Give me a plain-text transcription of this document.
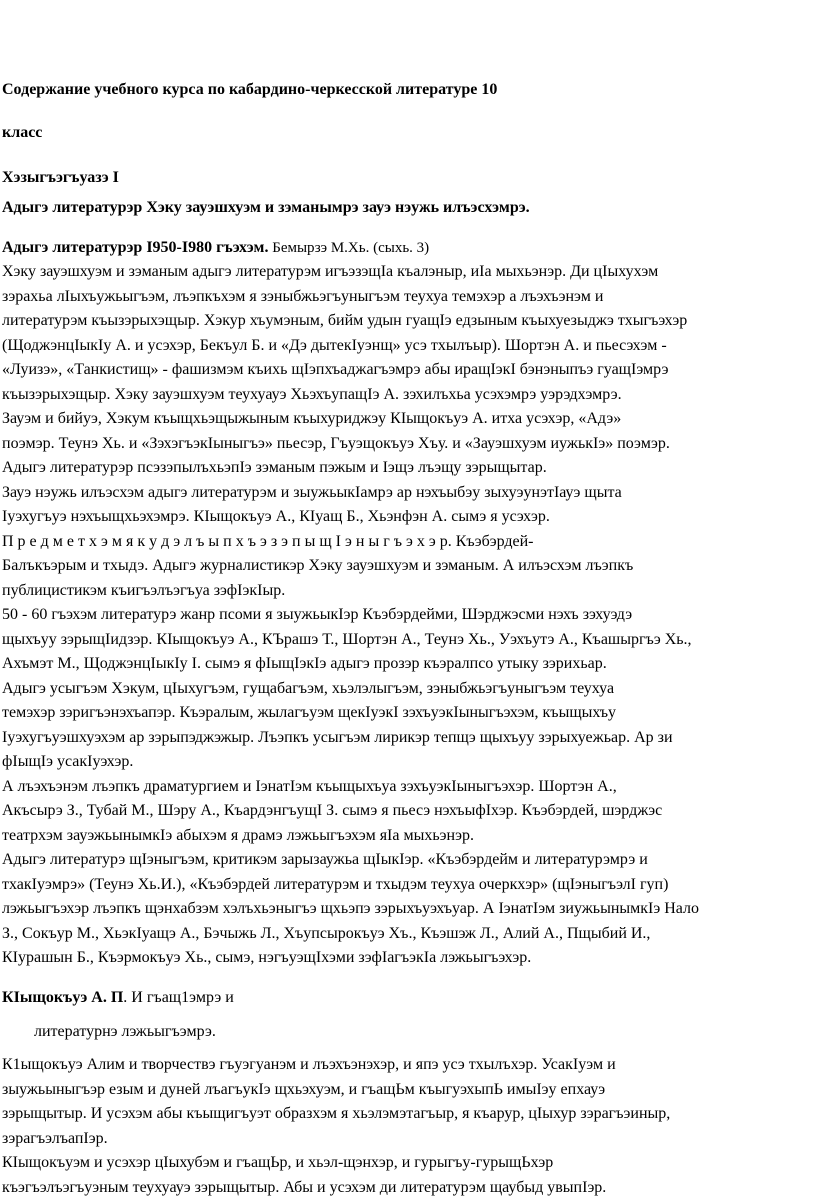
Содержание учебного курса по кабардино-черкесской литературе 10
класс
Хэзыгъэгъуазэ I
Адыгэ литературэр Хэку зауэшхуэм и зэманымрэ зауэ нэужь илъэсхэмрэ.
Адыгэ литературэр I950-I980 гъэхэм. Бемырзэ М.Хь. (сыхь. 3)
Хэку зауэшхуэм и зэманым адыгэ литературэм игъэзэщIа къалэныр, иIа мыхьэнэр. Ди цIыхухэм
зэрахьа лIыхъужьыгъэм, лъэпкъхэм я зэныбжьэгъуныгъэм теухуа темэхэр а лъэхъэнэм и
литературэм къызэрыхэщыр. Хэкур хъумэным, бийм удын гуащIэ едзыным къыхуезыджэ тхыгъэхэр
(ЩоджэнцIыкIу А. и усэхэр, Бекъул Б. и «Дэ дытекIуэнщ» усэ тхылъыр). Шортэн А. и пьесэхэм -
«Луизэ», «Танкистищ» - фашизмэм къихь щIэпхъаджагъэмрэ абы иращIэкI бэнэныпъэ гуащIэмрэ
къызэрыхэщыр. Хэку зауэшхуэм теухуауэ ХьэхъупащIэ А. зэхилъхьа усэхэмрэ уэрэдхэмрэ.
Зауэм и бийуэ, Хэкум къыщхьэщыжыным къыхуриджэу КIыщокъуэ А. итха усэхэр, «Адэ»
поэмэр. Теунэ Хь. и «ЗэхэгъэкIыныгъэ» пьесэр, Гъуэщокъуэ Хъу. и «Зауэшхуэм иужькIэ» поэмэр.
Адыгэ литературэр псэзэпылъхьэпIэ зэманым пэжым и Iэщэ лъэщу зэрыщытар.
Зауэ нэужь илъэсхэм адыгэ литературэм и зыужьыкIамрэ ар нэхъыбэу зыхуэунэтIауэ щыта
Iуэхугъуэ нэхъыщхьэхэмрэ. КIыщокъуэ А., КIуащ Б., Хьэнфэн А. сымэ я усэхэр.
П р е д м е т х э м я к у д э л ъ ы п х ъ э з э п ы щ I э н ы г ъ э х э р. Къэбэрдей-
Балъкъэрым и тхыдэ. Адыгэ журналистикэр Хэку зауэшхуэм и зэманым. А илъэсхэм лъэпкъ
публицистикэм къигъэлъэгъуа зэфIэкIыр.
50 - 60 гъэхэм литературэ жанр псоми я зыужьыкIэр Къэбэрдейми, Шэрджэсми нэхъ зэхуэдэ
щыхъуу зэрыщIидзэр. КIыщокъуэ А., КЪрашэ Т., Шортэн А., Теунэ Хь., Уэхъутэ А., Къашыргъэ Хь.,
Ахъмэт М., ЩоджэнцIыкIу I. сымэ я фIыщIэкIэ адыгэ прозэр къэралпсо утыку зэрихьар.
Адыгэ усыгъэм Хэкум, цIыхугъэм, гущабагъэм, хьэлэлыгъэм, зэныбжьэгъуныгъэм теухуа
темэхэр зэригъэнэхъапэр. Къэралым, жылагъуэм щекIуэкI зэхъуэкIыныгъэхэм, къыщыхъу
Iуэхугъуэшхуэхэм ар зэрыпэджэжыр. Лъэпкъ усыгъэм лирикэр тепщэ щыхъуу зэрыхуежьар. Ар зи
фIыщIэ усакIуэхэр.
А лъэхъэнэм лъэпкъ драматургием и IэнатIэм къыщыхъуа зэхъуэкIыныгъэхэр. Шортэн А.,
Акъсырэ З., Тубай М., Шэру А., КъардэнгъущI З. сымэ я пьесэ нэхъыфIхэр. Къэбэрдей, шэрджэс
театрхэм зауэжьынымкIэ абыхэм я драмэ лэжьыгъэхэм яIа мыхьэнэр.
Адыгэ литературэ щIэныгъэм, критикэм зарызаужьа щIыкIэр. «Къэбэрдейм и литературэмрэ и
тхакIуэмрэ» (Теунэ Хь.И.), «Къэбэрдей литературэм и тхыдэм теухуа очеркхэр» (щIэныгъэлI гуп)
лэжьыгъэхэр лъэпкъ щэнхабзэм хэлъхьэныгъэ щхьэпэ зэрыхъуэхъуар. А IэнатIэм зиужьынымкIэ Нало
З., Сокъур М., ХьэкIуащэ А., Бэчыжь Л., Хъупсырокъуэ Хъ., Къэшэж Л., Алий А., Пщыбий И.,
КIурашын Б., Къэрмокъуэ Хь., сымэ, нэгъуэщIхэми зэфIагъэкIа лэжьыгъэхэр.
КIыщокъуэ А. П. И гъащ1эмрэ и
литературнэ лэжьыгъэмрэ.
К1ыщокъуэ Алим и творчествэ гъуэгуанэм и лъэхъэнэхэр, и япэ усэ тхылъхэр. УсакIуэм и
зыужьыныгъэр езым и дуней лъагъукIэ щхьэхуэм, и гъащЬм къыгуэхыпЬ имыIэу епхауэ
зэрыщытыр. И усэхэм абы къыщигъуэт образхэм я хьэлэмэтагъыр, я къарур, цIыхур зэрагъэиныр,
зэрагъэлъапIэр.
КIыщокъуэм и усэхэр цIыхубэм и гъащЬр, и хьэл-щэнхэр, и гурыгъу-гурыщЬхэр
къэгъэлъэгъуэным теухуауэ зэрыщытыр. Абы и усэхэм ди литературэм щаубыд увыпIэр.
